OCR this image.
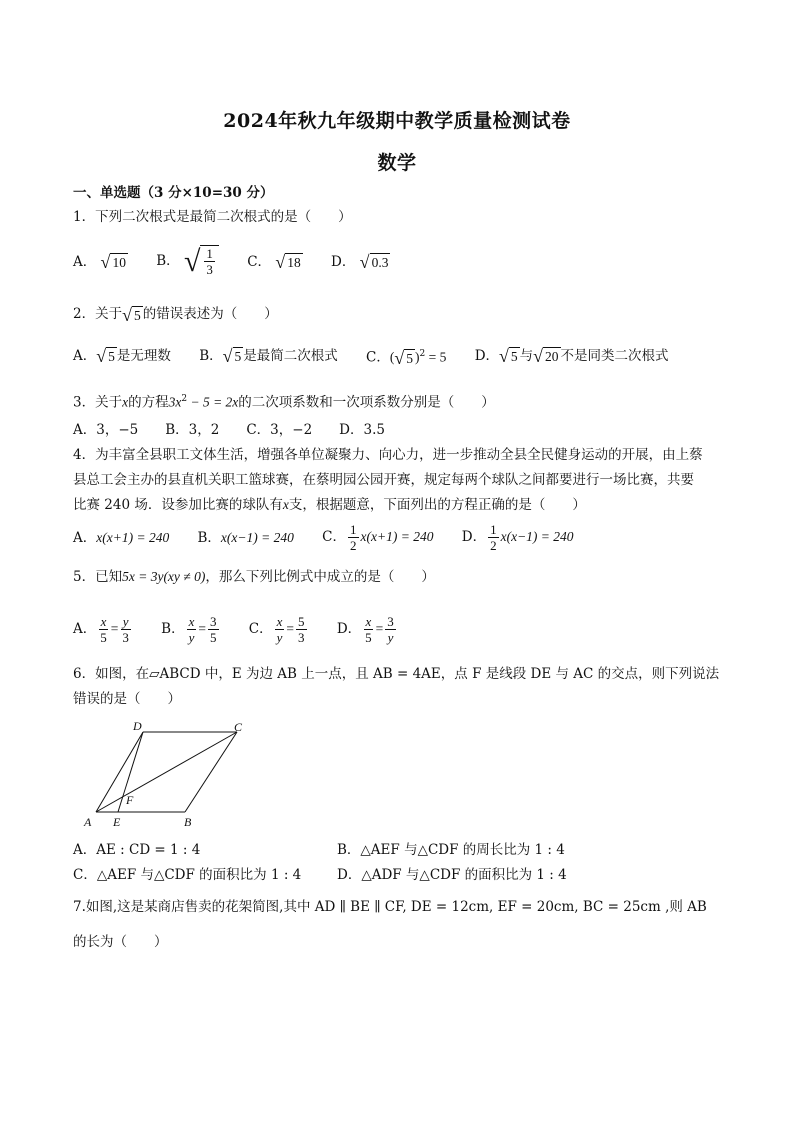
2024年秋九年级期中教学质量检测试卷
数学
一、单选题（3 分×10=30 分）
1．下列二次根式是最简二次根式的是（　　）
A． √ 10 B． √ $\frac{1}{3}$ C． √ 18 D． √ 0.3
2．关于 √ 5 的错误表述为（　　）
A． √ 5 是无理数 B． √ 5 是最简二次根式 C．( √ 5 )$^2$ = 5 D． √ 5 与 √ 20 不是同类二次根式
3．关于x的方程$3x^2 - 5 = 2x$的二次项系数和一次项系数分别是（　　）
A．3，−5　　B．3，2　　C．3，−2　　D．3.5
4．为丰富全县职工文体生活，增强各单位凝聚力、向心力，进一步推动全县全民健身运动的开展，由上蔡
县总工会主办的县直机关职工篮球赛，在蔡明园公园开赛，规定每两个球队之间都要进行一场比赛，共要
比赛 240 场．设参加比赛的球队有x支，根据题意，下面列出的方程正确的是（　　）
A．x(x+1) = 240 B．x(x−1) = 240 C． $\frac{1}{2} x(x+1) = 240$ D． $\frac{1}{2} x(x-1) = 240$
5．已知5x = 3y(xy ≠ 0)，那么下列比例式中成立的是（　　）
A． $\frac{x}{5} = \frac{y}{3}$ B． $\frac{x}{y} = \frac{3}{5}$ C． $\frac{x}{y} = \frac{5}{3}$ D． $\frac{x}{5} = \frac{3}{y}$
6．如图，在▱ABCD 中，E 为边 AB 上一点，且 AB = 4AE，点 F 是线段 DE 与 AC 的交点，则下列说法
错误的是（　　）
D	C
A E	B
F
A．AE : CD = 1 : 4	B．△AEF 与△CDF 的周长比为 1 : 4
C．△AEF 与△CDF 的面积比为 1 : 4	D．△ADF 与△CDF 的面积比为 1 : 4
7.如图,这是某商店售卖的花架简图,其中 AD ∥ BE ∥ CF, DE = 12cm, EF = 20cm, BC = 25cm ,则 AB
的长为（　　）
